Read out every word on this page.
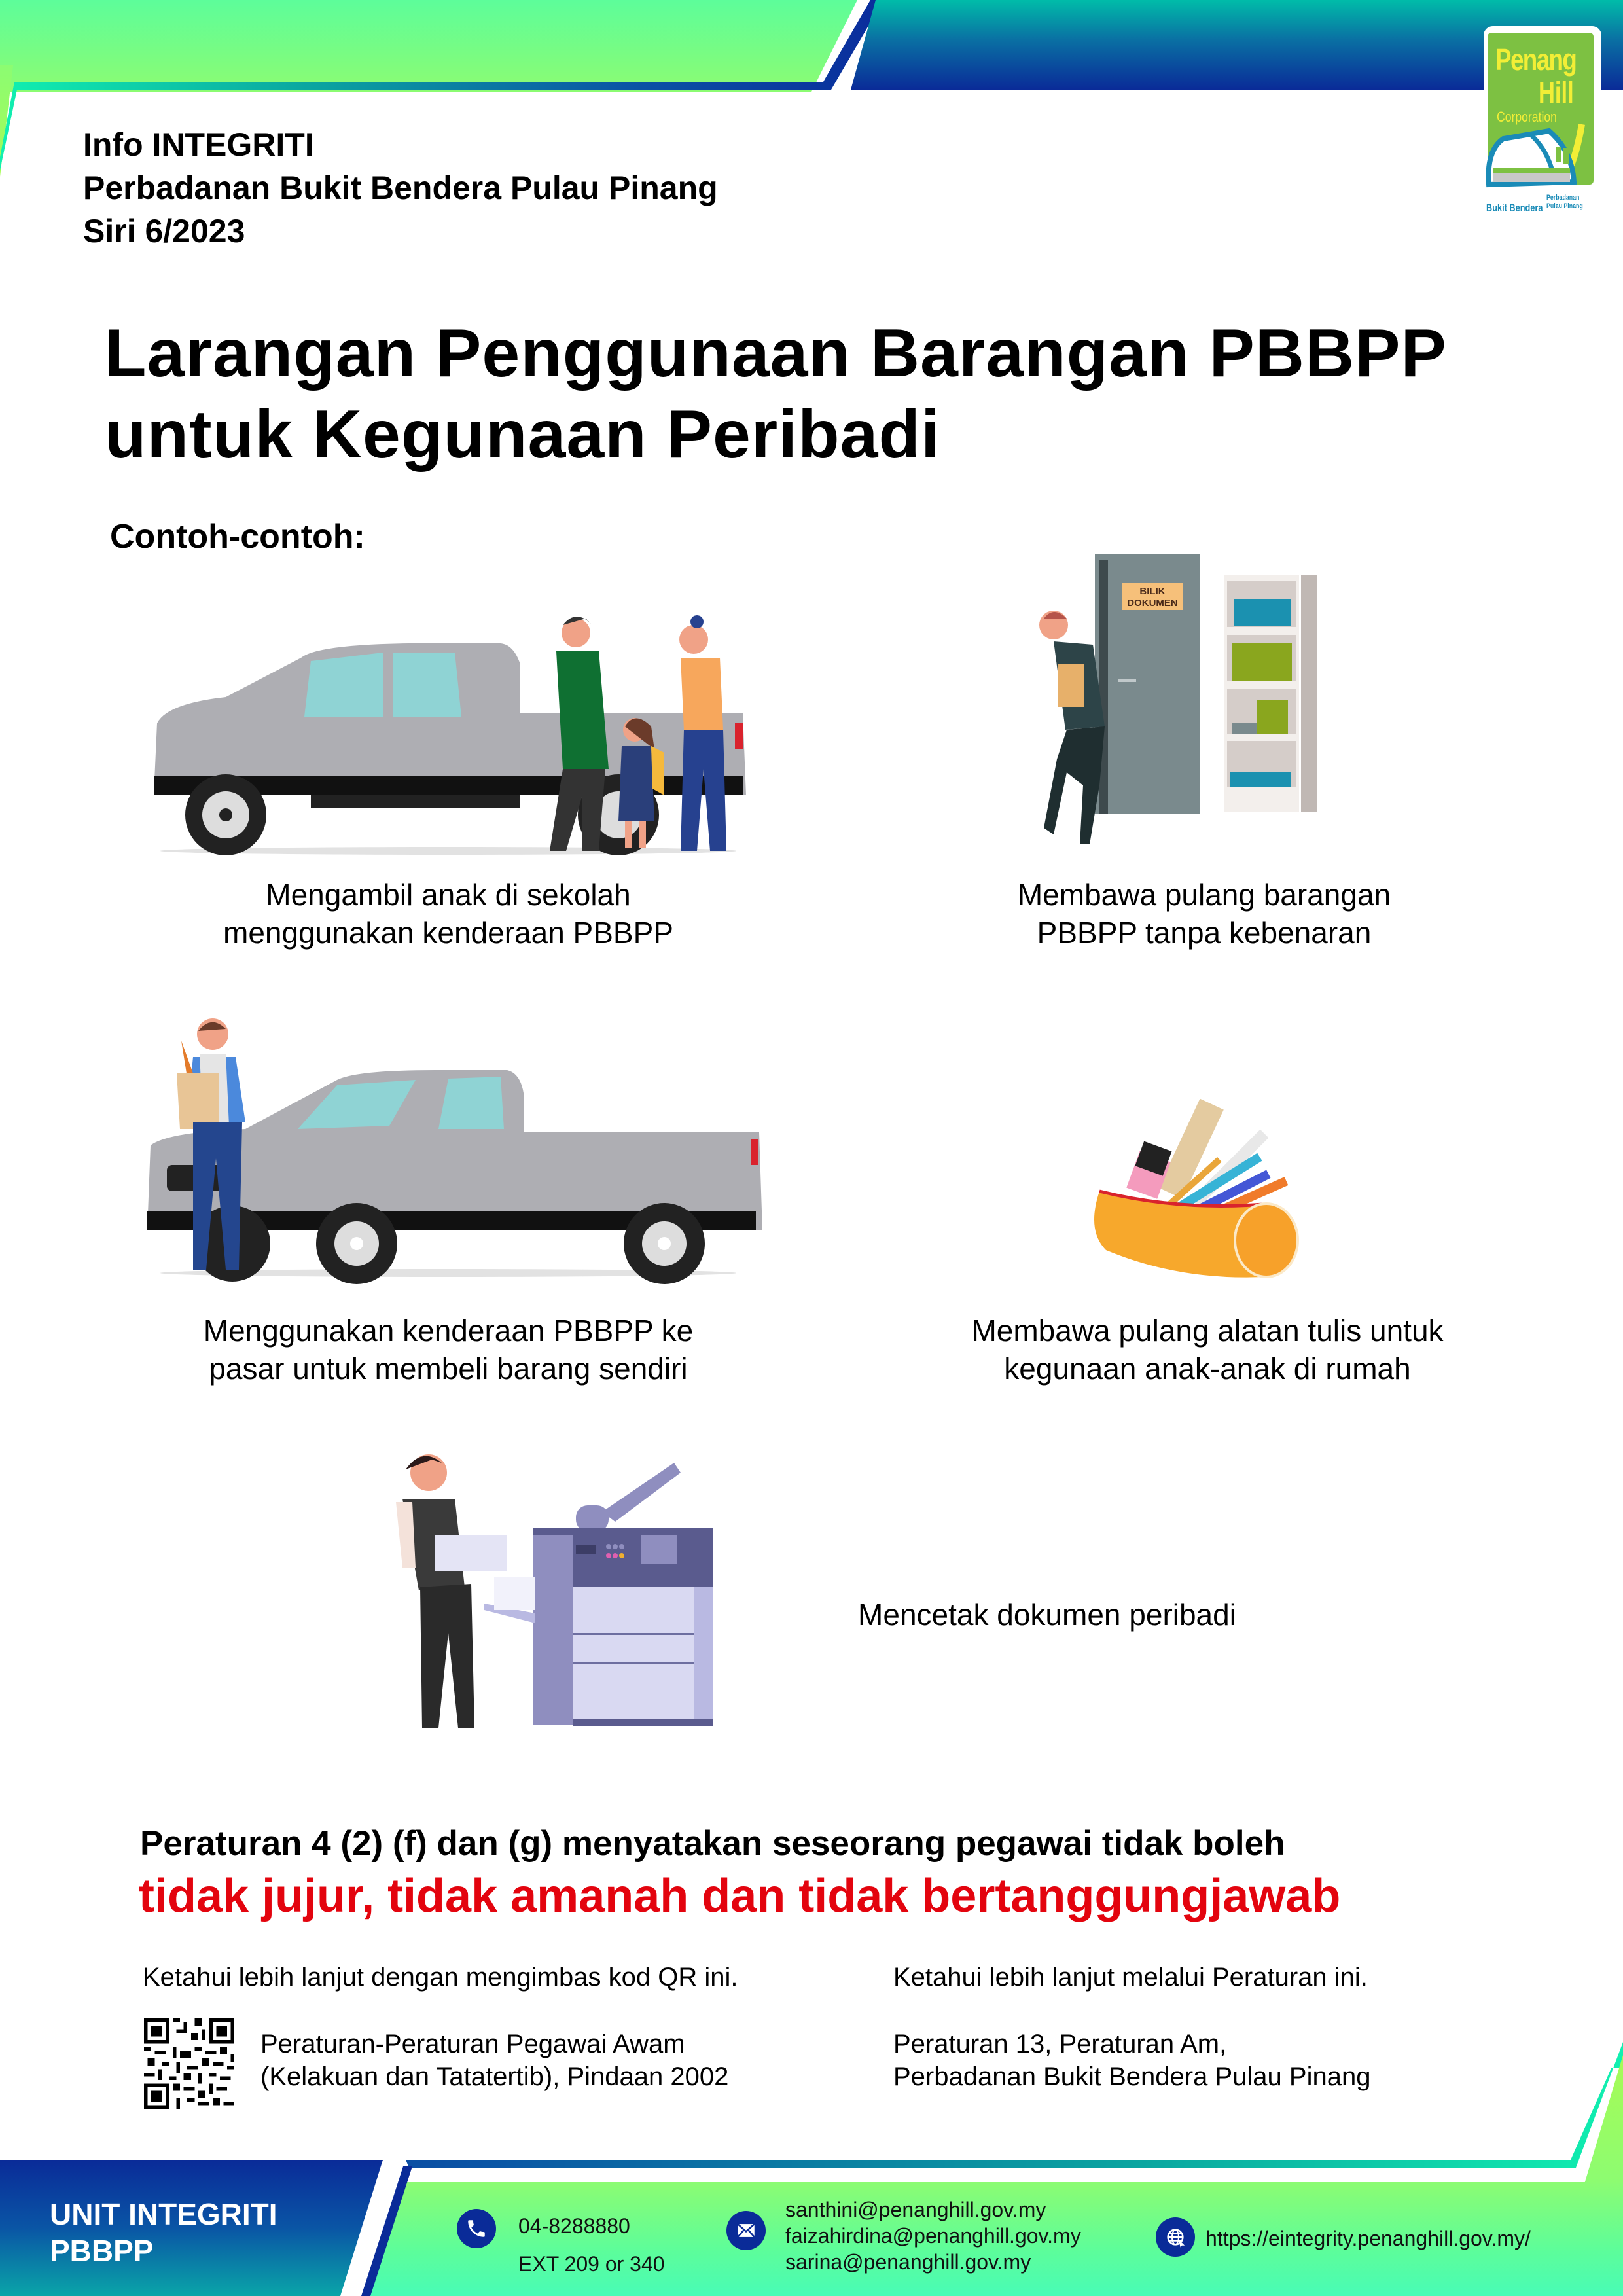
Penang
Hill
Corporation
Bukit Bendera
Perbadanan
Pulau Pinang
Info INTEGRITI
Perbadanan Bukit Bendera Pulau Pinang
Siri 6/2023
Larangan Penggunaan Barangan PBBPP
untuk Kegunaan Peribadi
Contoh-contoh:
Mengambil anak di sekolah
menggunakan kenderaan PBBPP
BILIK
DOKUMEN
Membawa pulang barangan
PBBPP tanpa kebenaran
Menggunakan kenderaan PBBPP ke
pasar untuk membeli barang sendiri
Membawa pulang alatan tulis untuk
kegunaan anak-anak di rumah
Mencetak dokumen peribadi
Peraturan 4 (2) (f) dan (g) menyatakan seseorang pegawai tidak boleh
tidak jujur, tidak amanah dan tidak bertanggungjawab
Ketahui lebih lanjut dengan mengimbas kod QR ini.	Ketahui lebih lanjut melalui Peraturan ini.
Peraturan-Peraturan Pegawai Awam
(Kelakuan dan Tatatertib), Pindaan 2002
Peraturan 13, Peraturan Am,
Perbadanan Bukit Bendera Pulau Pinang
UNIT INTEGRITI
PBBPP
04-8288880
EXT 209 or 340
santhini@penanghill.gov.my
faizahirdina@penanghill.gov.my
sarina@penanghill.gov.my
https://eintegrity.penanghill.gov.my/
